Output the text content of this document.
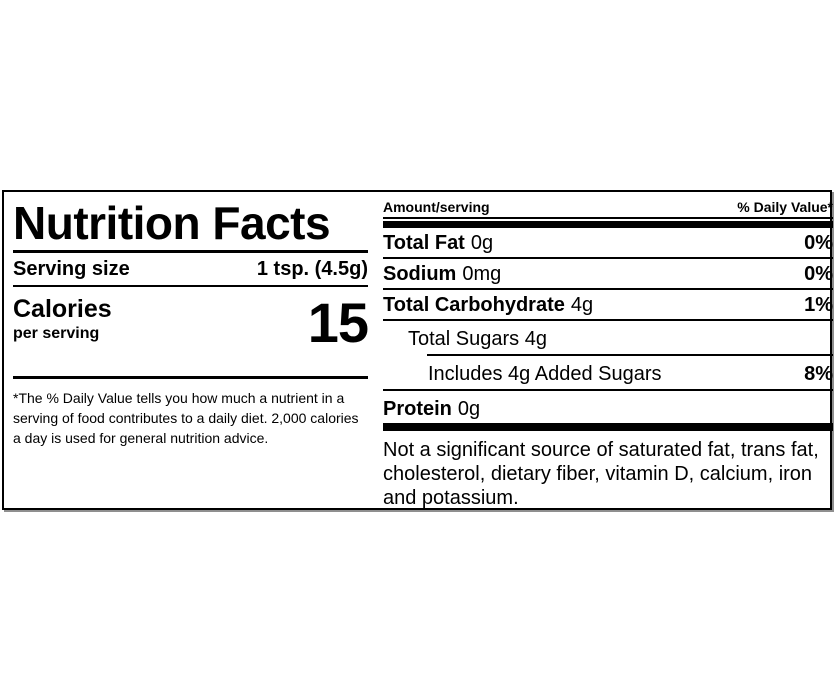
Nutrition Facts
Serving size	1 tsp. (4.5g)
Calories
per serving	15
*The % Daily Value tells you how much a nutrient in a serving of food contributes to a daily diet. 2,000 calories a day is used for general nutrition advice.
Amount/serving	% Daily Value*
Total Fat 0g	0%
Sodium 0mg	0%
Total Carbohydrate 4g	1%
Total Sugars 4g
Includes 4g Added Sugars	8%
Protein 0g
Not a significant source of saturated fat, trans fat, cholesterol, dietary fiber, vitamin D, calcium, iron and potassium.
